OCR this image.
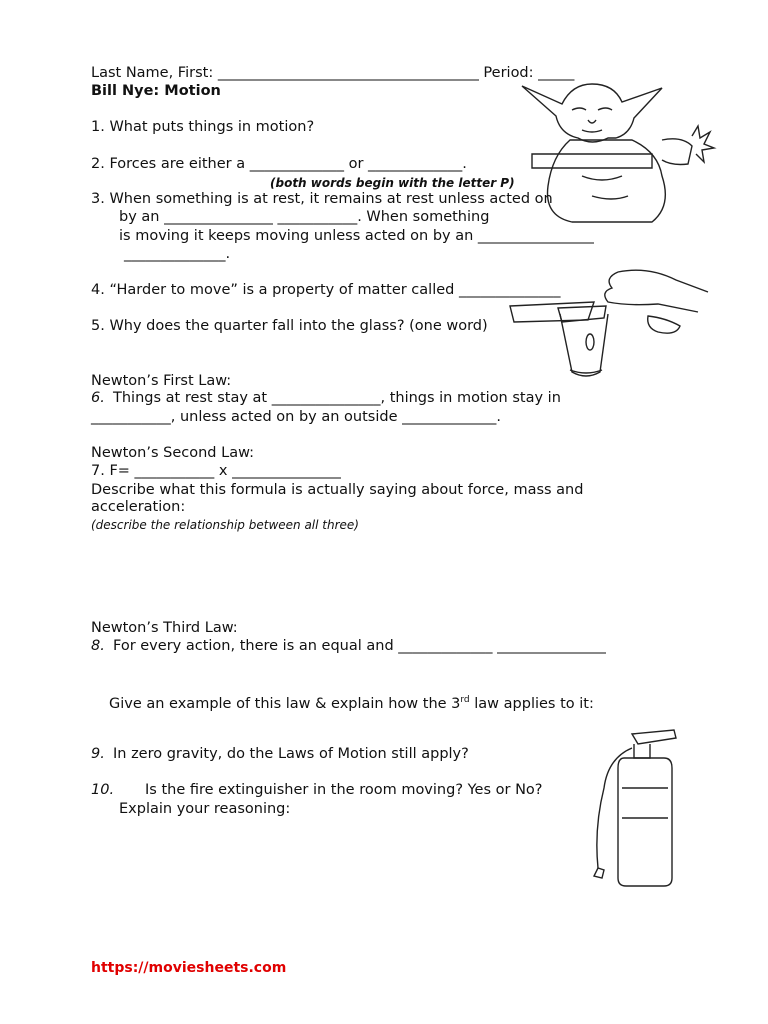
Last Name, First: ____________________________________ Period: _____
Bill Nye: Motion
1. What puts things in motion?
2. Forces are either a _____________ or _____________.
(both words begin with the letter P)
3. When something is at rest, it remains at rest unless acted on
by an _______________ ___________. When something
is moving it keeps moving unless acted on by an ________________
______________.
4. “Harder to move” is a property of matter called ______________
5. Why does the quarter fall into the glass? (one word)
Newton’s First Law:
6. Things at rest stay at _______________, things in motion stay in
___________, unless acted on by an outside _____________.
Newton’s Second Law:
7. F= ___________ x _______________
Describe what this formula is actually saying about force, mass and
acceleration:
(describe the relationship between all three)
Newton’s Third Law:
8. For every action, there is an equal and _____________ _______________
Give an example of this law & explain how the 3rd law applies to it:
9. In zero gravity, do the Laws of Motion still apply?
10. Is the fire extinguisher in the room moving? Yes or No?
Explain your reasoning:
https://moviesheets.com
